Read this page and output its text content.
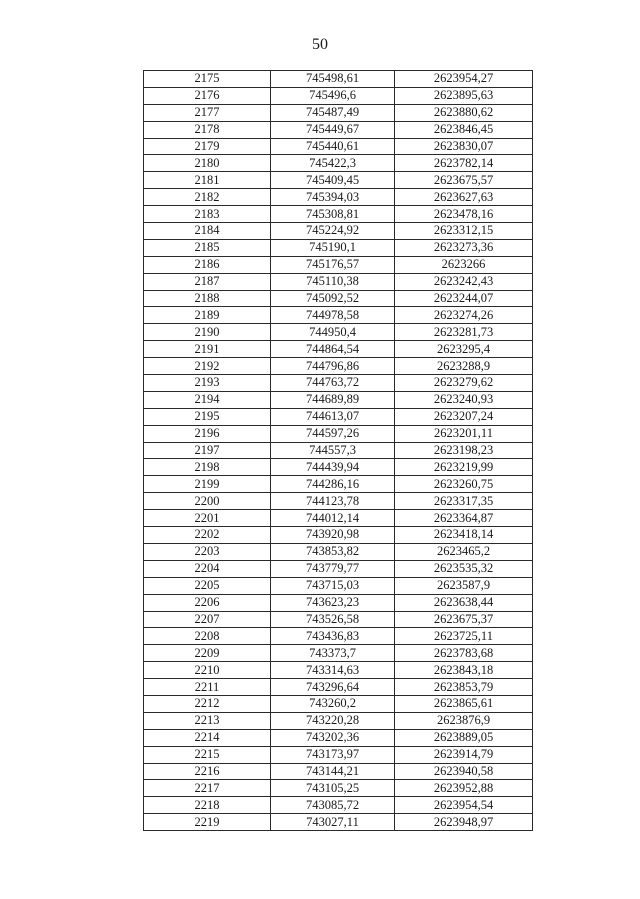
50
2175	745498,61	2623954,27
2176	745496,6	2623895,63
2177	745487,49	2623880,62
2178	745449,67	2623846,45
2179	745440,61	2623830,07
2180	745422,3	2623782,14
2181	745409,45	2623675,57
2182	745394,03	2623627,63
2183	745308,81	2623478,16
2184	745224,92	2623312,15
2185	745190,1	2623273,36
2186	745176,57	2623266
2187	745110,38	2623242,43
2188	745092,52	2623244,07
2189	744978,58	2623274,26
2190	744950,4	2623281,73
2191	744864,54	2623295,4
2192	744796,86	2623288,9
2193	744763,72	2623279,62
2194	744689,89	2623240,93
2195	744613,07	2623207,24
2196	744597,26	2623201,11
2197	744557,3	2623198,23
2198	744439,94	2623219,99
2199	744286,16	2623260,75
2200	744123,78	2623317,35
2201	744012,14	2623364,87
2202	743920,98	2623418,14
2203	743853,82	2623465,2
2204	743779,77	2623535,32
2205	743715,03	2623587,9
2206	743623,23	2623638,44
2207	743526,58	2623675,37
2208	743436,83	2623725,11
2209	743373,7	2623783,68
2210	743314,63	2623843,18
2211	743296,64	2623853,79
2212	743260,2	2623865,61
2213	743220,28	2623876,9
2214	743202,36	2623889,05
2215	743173,97	2623914,79
2216	743144,21	2623940,58
2217	743105,25	2623952,88
2218	743085,72	2623954,54
2219	743027,11	2623948,97
